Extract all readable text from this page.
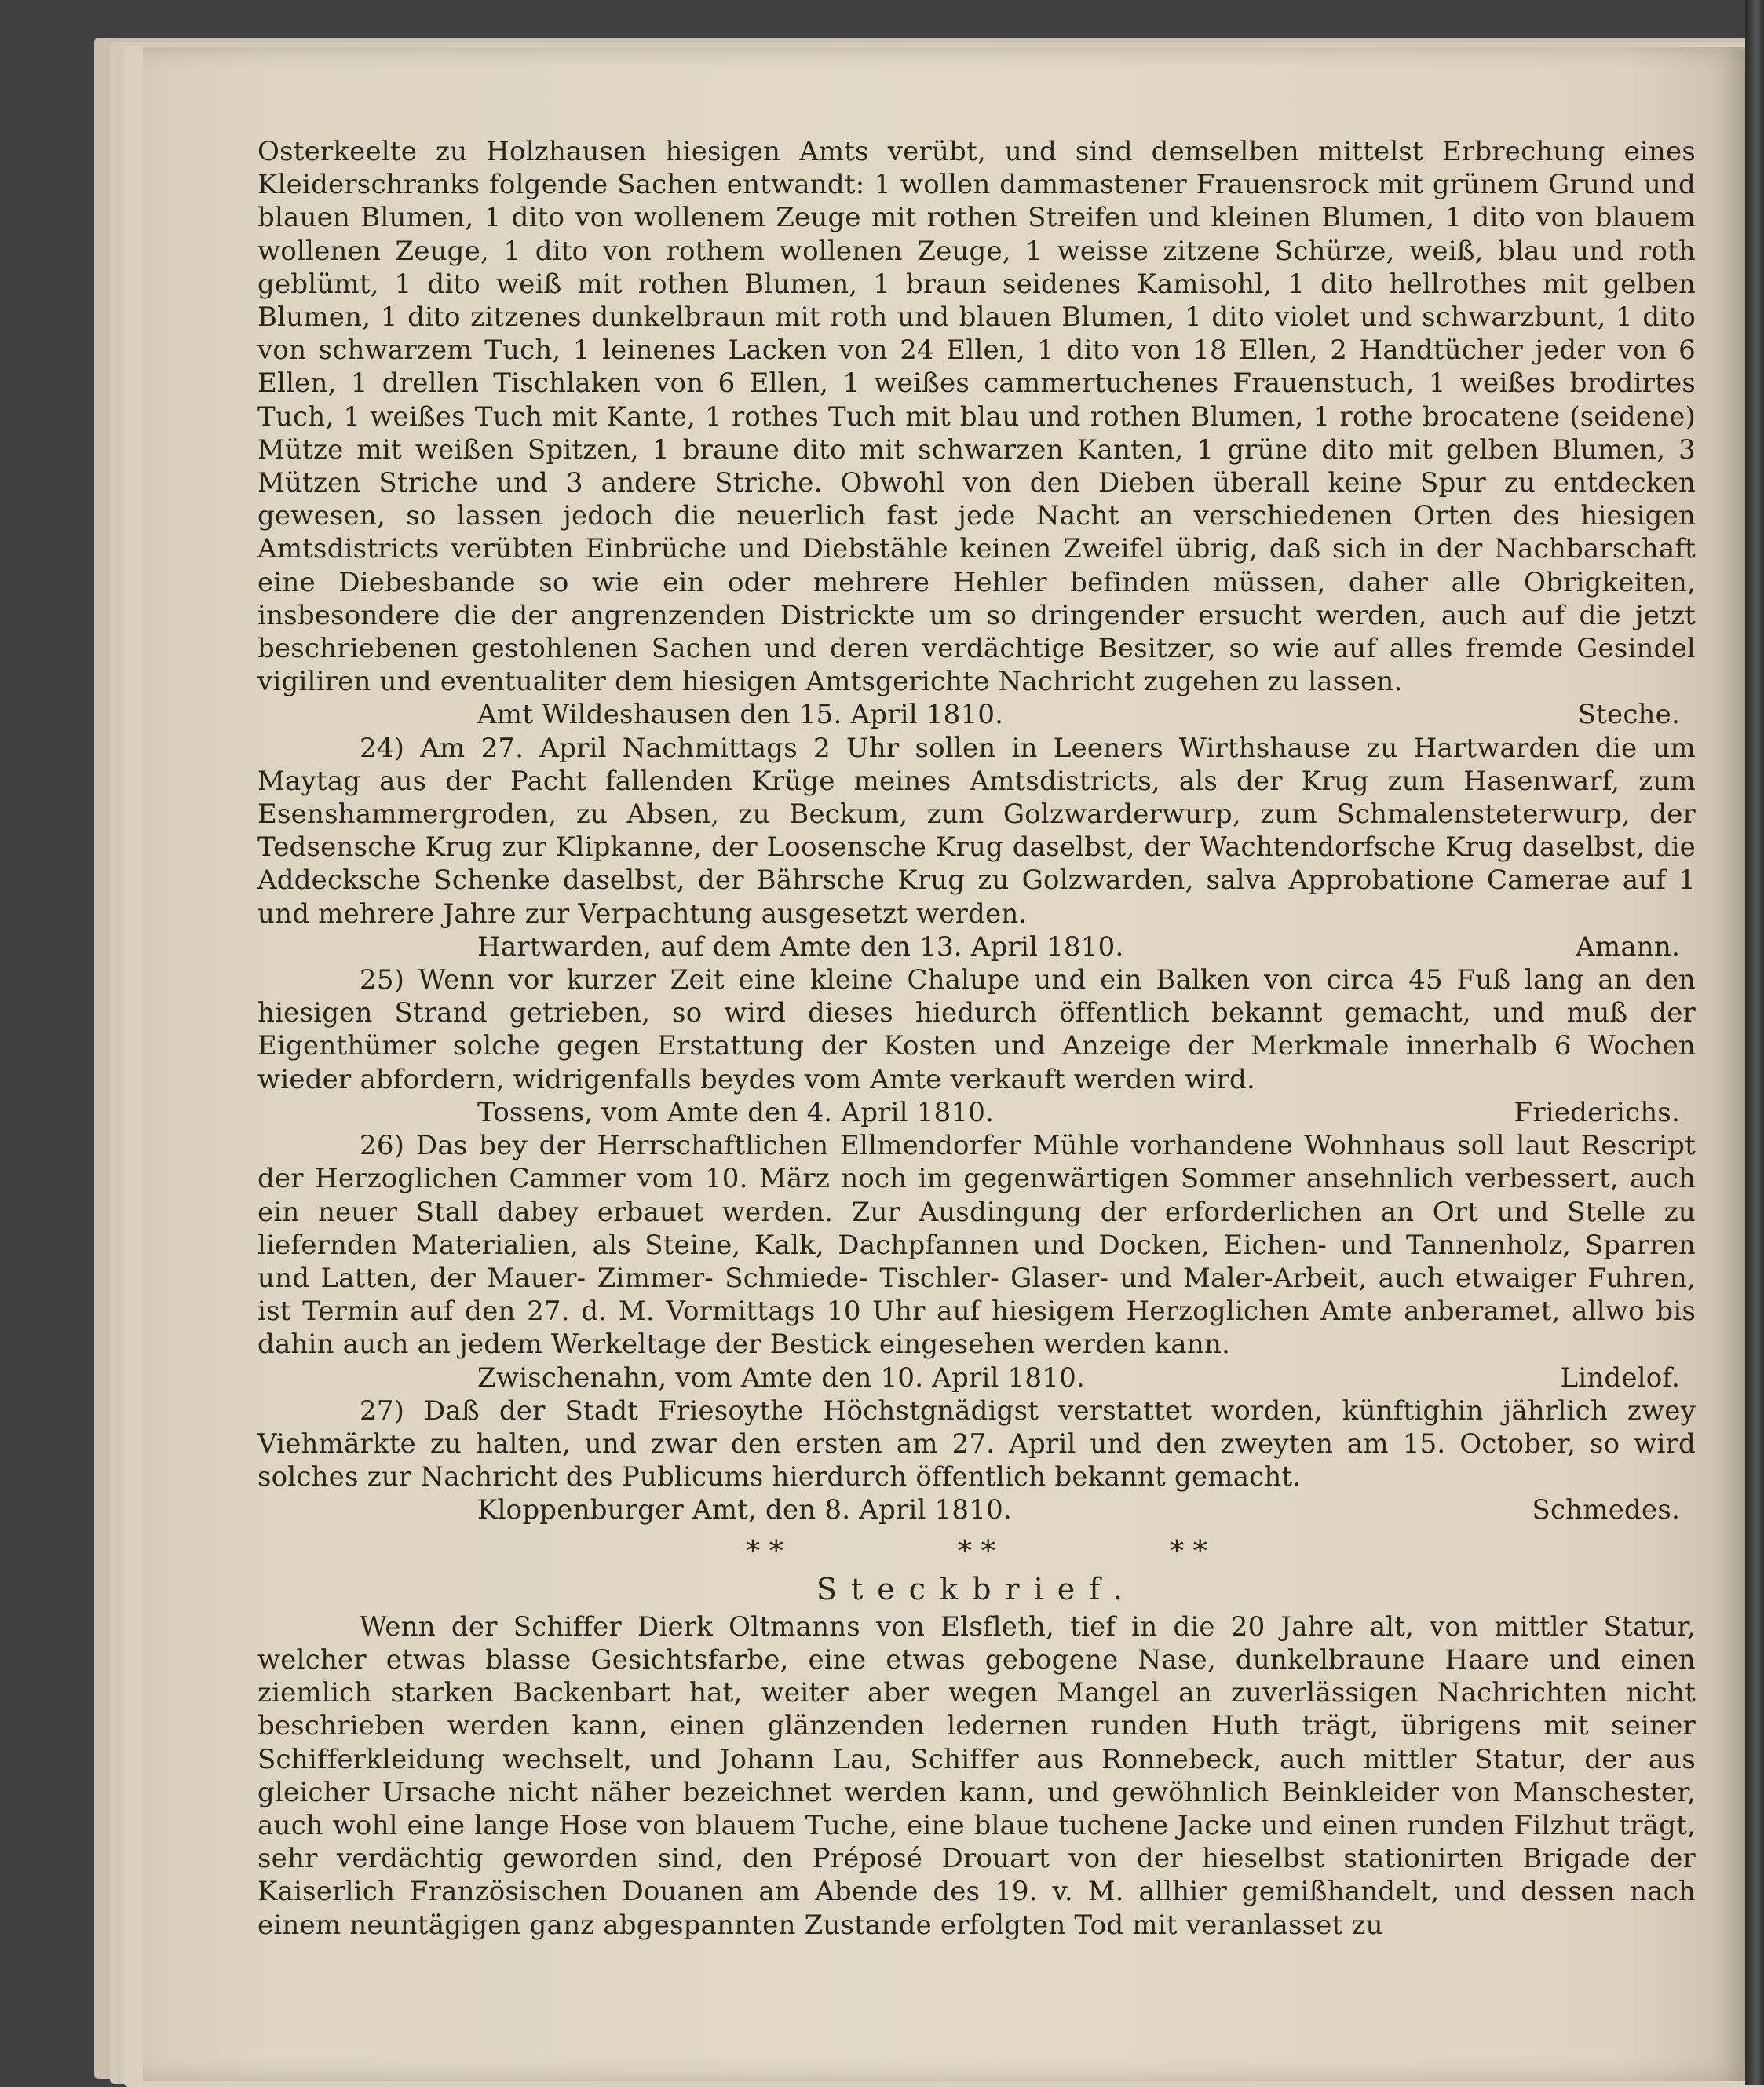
Osterkeelte zu Holzhausen hiesigen Amts verübt, und sind demselben mittelst Erbrechung eines Kleiderschranks folgende Sachen entwandt: 1 wollen dammastener Frauensrock mit grünem Grund und blauen Blumen, 1 dito von wollenem Zeuge mit rothen Streifen und kleinen Blumen, 1 dito von blauem wollenen Zeuge, 1 dito von rothem wollenen Zeuge, 1 weisse zitzene Schürze, weiß, blau und roth geblümt, 1 dito weiß mit rothen Blumen, 1 braun seidenes Kamisohl, 1 dito hellrothes mit gelben Blumen, 1 dito zitzenes dunkelbraun mit roth und blauen Blumen, 1 dito violet und schwarzbunt, 1 dito von schwarzem Tuch, 1 leinenes Lacken von 24 Ellen, 1 dito von 18 Ellen, 2 Handtücher jeder von 6 Ellen, 1 drellen Tischlaken von 6 Ellen, 1 weißes cammertuchenes Frauenstuch, 1 weißes brodirtes Tuch, 1 weißes Tuch mit Kante, 1 rothes Tuch mit blau und rothen Blumen, 1 rothe brocatene (seidene) Mütze mit weißen Spitzen, 1 braune dito mit schwarzen Kanten, 1 grüne dito mit gelben Blumen, 3 Mützen Striche und 3 andere Striche. Obwohl von den Dieben überall keine Spur zu entdecken gewesen, so lassen jedoch die neuerlich fast jede Nacht an verschiedenen Orten des hiesigen Amtsdistricts verübten Einbrüche und Diebstähle keinen Zweifel übrig, daß sich in der Nachbarschaft eine Diebesbande so wie ein oder mehrere Hehler befinden müssen, daher alle Obrigkeiten, insbesondere die der angrenzenden Districkte um so dringender ersucht werden, auch auf die jetzt beschriebenen gestohlenen Sachen und deren verdächtige Besitzer, so wie auf alles fremde Gesindel vigiliren und eventualiter dem hiesigen Amtsgerichte Nachricht zugehen zu lassen.

Amt Wildeshausen den 15. April 1810.	Steche.

24) Am 27. April Nachmittags 2 Uhr sollen in Leeners Wirthshause zu Hartwarden die um Maytag aus der Pacht fallenden Krüge meines Amtsdistricts, als der Krug zum Hasenwarf, zum Esenshammergroden, zu Absen, zu Beckum, zum Golzwarderwurp, zum Schmalensteterwurp, der Tedsensche Krug zur Klipkanne, der Loosensche Krug daselbst, der Wachtendorfsche Krug daselbst, die Addecksche Schenke daselbst, der Bährsche Krug zu Golzwarden, salva Approbatione Camerae auf 1 und mehrere Jahre zur Verpachtung ausgesetzt werden.

Hartwarden, auf dem Amte den 13. April 1810.	Amann.

25) Wenn vor kurzer Zeit eine kleine Chalupe und ein Balken von circa 45 Fuß lang an den hiesigen Strand getrieben, so wird dieses hiedurch öffentlich bekannt gemacht, und muß der Eigenthümer solche gegen Erstattung der Kosten und Anzeige der Merkmale innerhalb 6 Wochen wieder abfordern, widrigenfalls beydes vom Amte verkauft werden wird.

Tossens, vom Amte den 4. April 1810.	Friederichs.

26) Das bey der Herrschaftlichen Ellmendorfer Mühle vorhandene Wohnhaus soll laut Rescript der Herzoglichen Cammer vom 10. März noch im gegenwärtigen Sommer ansehnlich verbessert, auch ein neuer Stall dabey erbauet werden. Zur Ausdingung der erforderlichen an Ort und Stelle zu liefernden Materialien, als Steine, Kalk, Dachpfannen und Docken, Eichen- und Tannenholz, Sparren und Latten, der Mauer- Zimmer- Schmiede- Tischler- Glaser- und Maler-Arbeit, auch etwaiger Fuhren, ist Termin auf den 27. d. M. Vormittags 10 Uhr auf hiesigem Herzoglichen Amte anberamet, allwo bis dahin auch an jedem Werkeltage der Bestick eingesehen werden kann.

Zwischenahn, vom Amte den 10. April 1810.	Lindelof.

27) Daß der Stadt Friesoythe Höchstgnädigst verstattet worden, künftighin jährlich zwey Viehmärkte zu halten, und zwar den ersten am 27. April und den zweyten am 15. October, so wird solches zur Nachricht des Publicums hierdurch öffentlich bekannt gemacht.

Kloppenburger Amt, den 8. April 1810.	Schmedes.
* *	* *	* *
Steckbrief.

Wenn der Schiffer Dierk Oltmanns von Elsfleth, tief in die 20 Jahre alt, von mittler Statur, welcher etwas blasse Gesichtsfarbe, eine etwas gebogene Nase, dunkelbraune Haare und einen ziemlich starken Backenbart hat, weiter aber wegen Mangel an zuverlässigen Nachrichten nicht beschrieben werden kann, einen glänzenden ledernen runden Huth trägt, übrigens mit seiner Schifferkleidung wechselt, und Johann Lau, Schiffer aus Ronnebeck, auch mittler Statur, der aus gleicher Ursache nicht näher bezeichnet werden kann, und gewöhnlich Beinkleider von Manschester, auch wohl eine lange Hose von blauem Tuche, eine blaue tuchene Jacke und einen runden Filzhut trägt, sehr verdächtig geworden sind, den Préposé Drouart von der hieselbst stationirten Brigade der Kaiserlich Französischen Douanen am Abende des 19. v. M. allhier gemißhandelt, und dessen nach einem neuntägigen ganz abgespannten Zustande erfolgten Tod mit veranlasset zu
